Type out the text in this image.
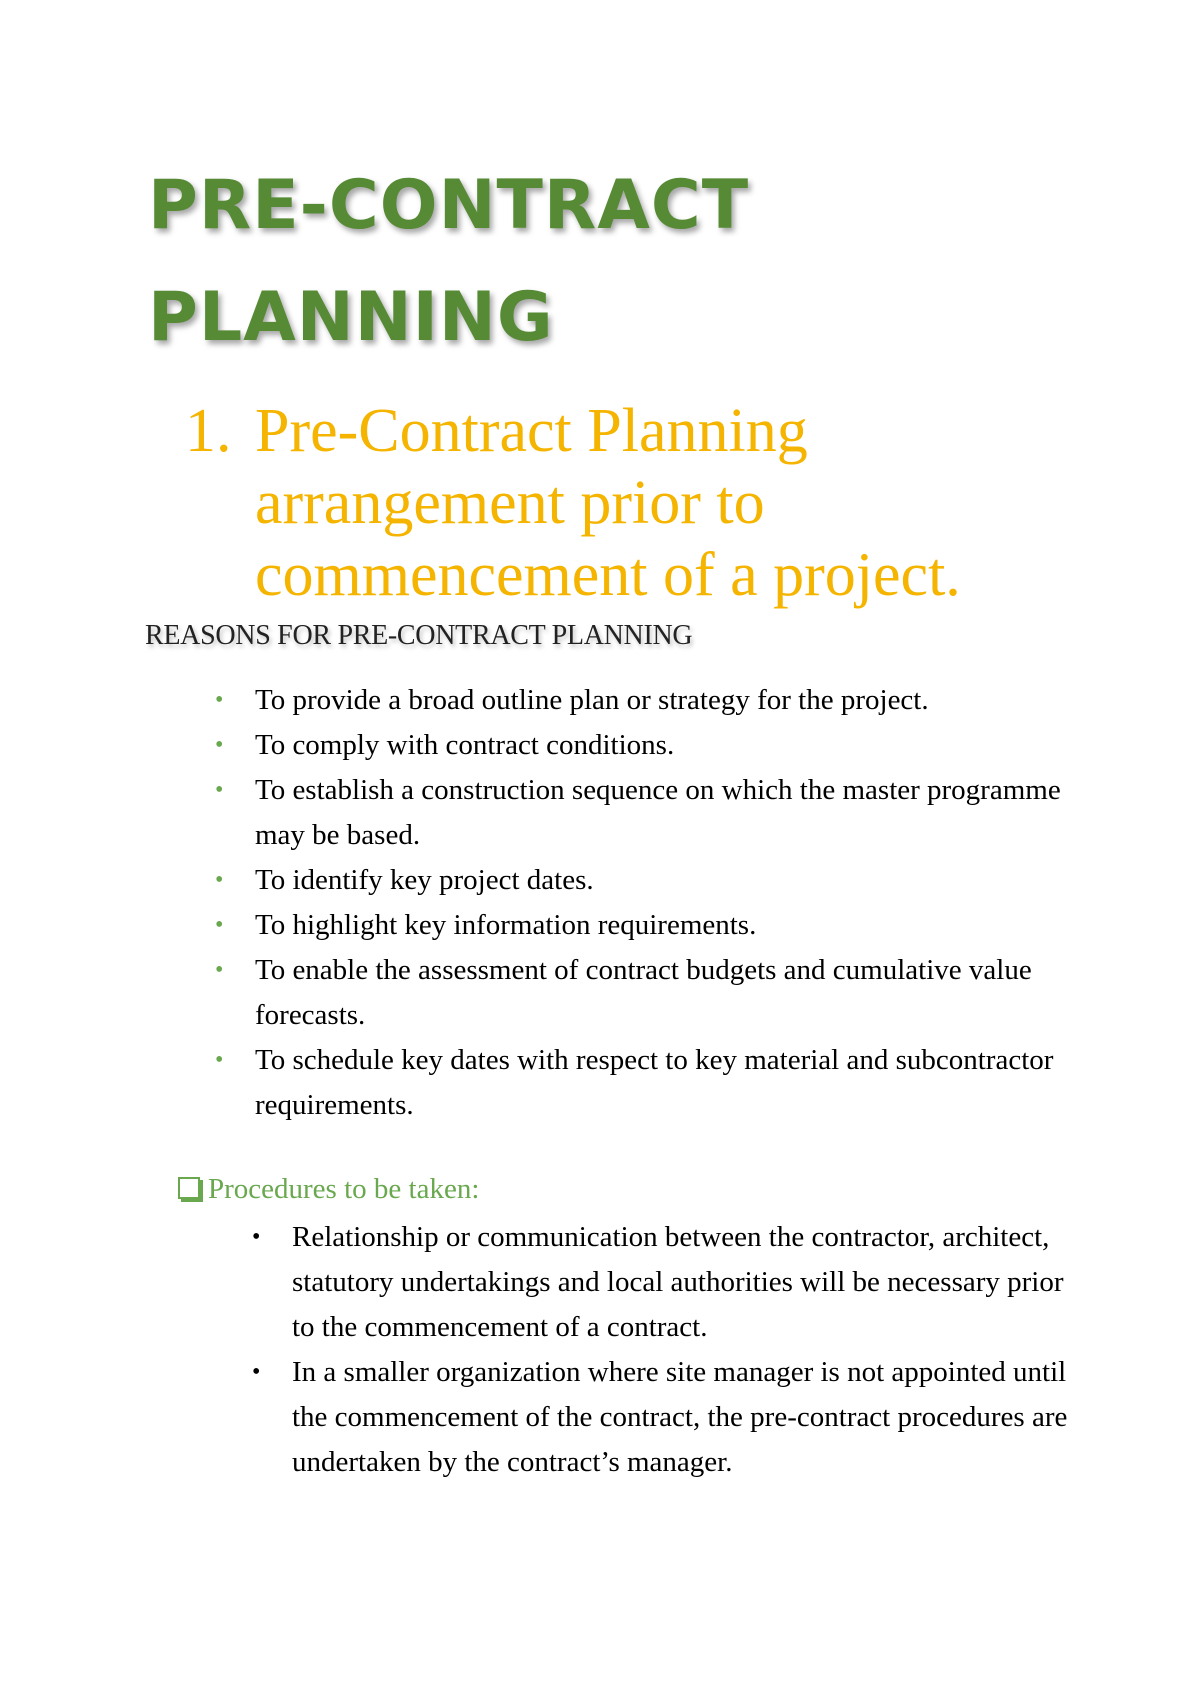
PRE-CONTRACT
PLANNING
1. Pre-Contract Planning arrangement prior to commencement of a project.
REASONS FOR PRE-CONTRACT PLANNING
• To provide a broad outline plan or strategy for the project.
• To comply with contract conditions.
• To establish a construction sequence on which the master programme may be based.
• To identify key project dates.
• To highlight key information requirements.
• To enable the assessment of contract budgets and cumulative value forecasts.
• To schedule key dates with respect to key material and subcontractor requirements.
Procedures to be taken:
• Relationship or communication between the contractor, architect, statutory undertakings and local authorities will be necessary prior to the commencement of a contract.
• In a smaller organization where site manager is not appointed until the commencement of the contract, the pre-contract procedures are undertaken by the contract’s manager.
